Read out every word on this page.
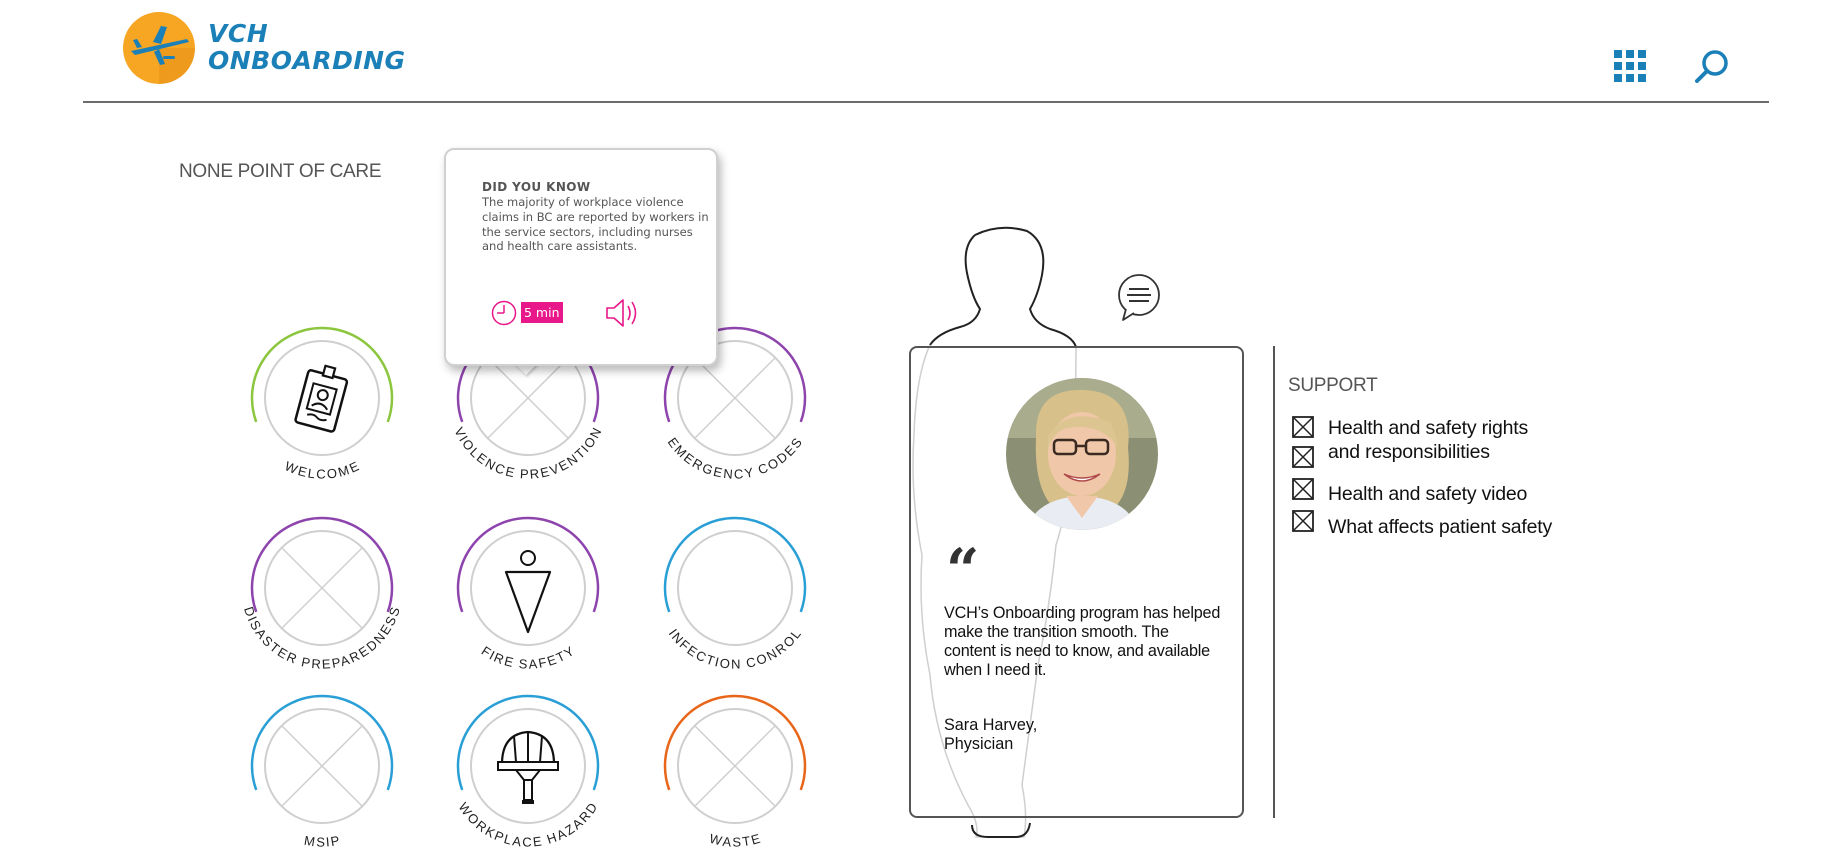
VCH
ONBOARDING
NONE POINT OF CARE
WELCOME
VIOLENCE PREVENTION
EMERGENCY CODES
DISASTER PREPAREDNESS
FIRE SAFETY
INFECTION CONROL
MSIP
WORKPLACE HAZARD
WASTE
DID YOU KNOW
The majority of workplace violence claims in BC are reported by workers in the service sectors, including nurses and health care assistants.
5 min
“
VCH’s Onboarding program has helped make the transition smooth. The content is need to know, and available when I need it.
Sara Harvey,
Physician
SUPPORT
Health and safety rights
and responsibilities
Health and safety video
What affects patient safety
